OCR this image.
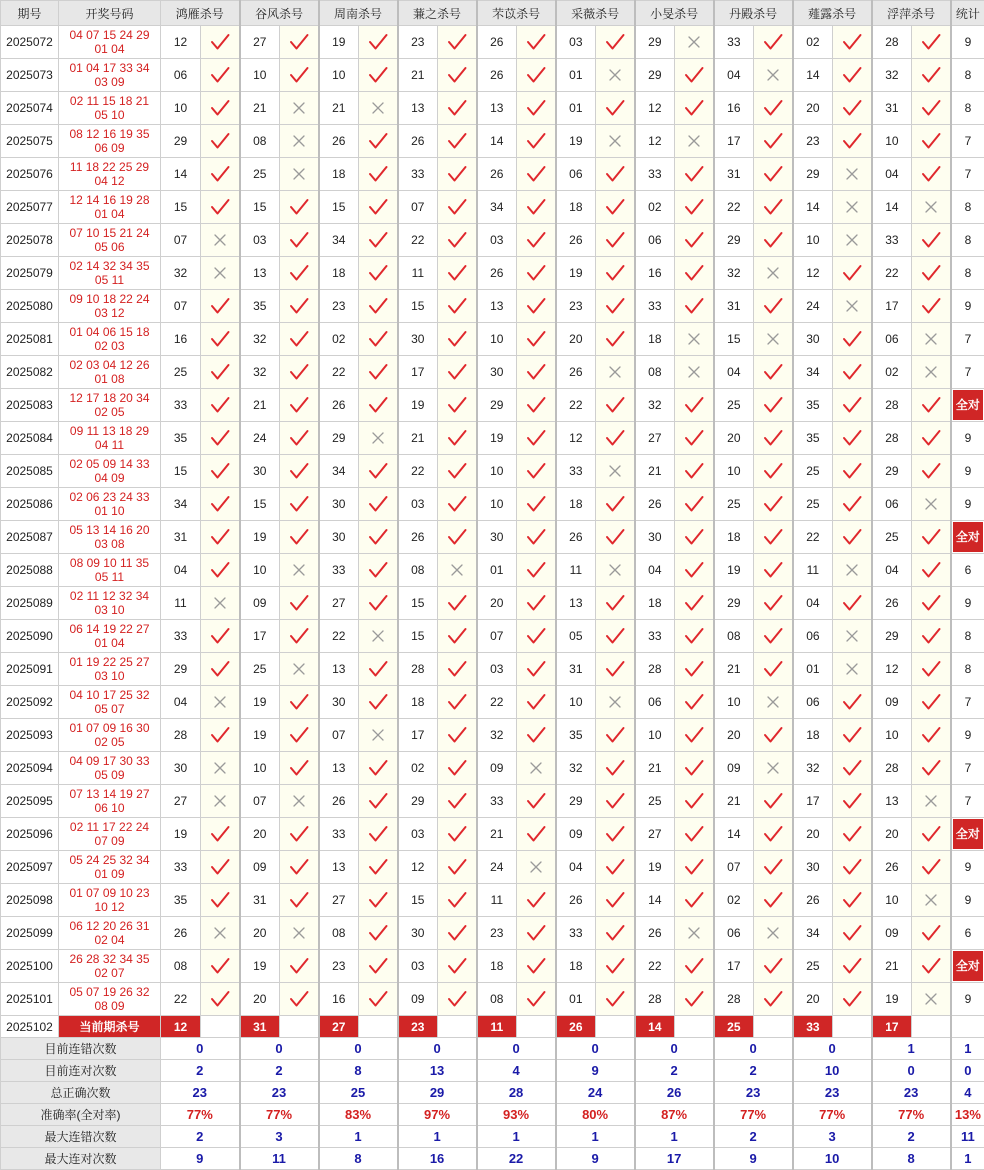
期号	开奖号码	鸿雁杀号		谷风杀号		周南杀号		蒹之杀号		芣苡杀号		采薇杀号		小旻杀号		丹殿杀号		薤露杀号		浮萍杀号		统计
2025072	04 07 15 24 29
01 04	12		27		19		23		26		03		29		33		02		28		9
2025073	01 04 17 33 34
03 09	06		10		10		21		26		01		29		04		14		32		8
2025074	02 11 15 18 21
05 10	10		21		21		13		13		01		12		16		20		31		8
2025075	08 12 16 19 35
06 09	29		08		26		26		14		19		12		17		23		10		7
2025076	11 18 22 25 29
04 12	14		25		18		33		26		06		33		31		29		04		7
2025077	12 14 16 19 28
01 04	15		15		15		07		34		18		02		22		14		14		8
2025078	07 10 15 21 24
05 06	07		03		34		22		03		26		06		29		10		33		8
2025079	02 14 32 34 35
05 11	32		13		18		11		26		19		16		32		12		22		8
2025080	09 10 18 22 24
03 12	07		35		23		15		13		23		33		31		24		17		9
2025081	01 04 06 15 18
02 03	16		32		02		30		10		20		18		15		30		06		7
2025082	02 03 04 12 26
01 08	25		32		22		17		30		26		08		04		34		02		7
2025083	12 17 18 20 34
02 05	33		21		26		19		29		22		32		25		35		28		全对
2025084	09 11 13 18 29
04 11	35		24		29		21		19		12		27		20		35		28		9
2025085	02 05 09 14 33
04 09	15		30		34		22		10		33		21		10		25		29		9
2025086	02 06 23 24 33
01 10	34		15		30		03		10		18		26		25		25		06		9
2025087	05 13 14 16 20
03 08	31		19		30		26		30		26		30		18		22		25		全对
2025088	08 09 10 11 35
05 11	04		10		33		08		01		11		04		19		11		04		6
2025089	02 11 12 32 34
03 10	11		09		27		15		20		13		18		29		04		26		9
2025090	06 14 19 22 27
01 04	33		17		22		15		07		05		33		08		06		29		8
2025091	01 19 22 25 27
03 10	29		25		13		28		03		31		28		21		01		12		8
2025092	04 10 17 25 32
05 07	04		19		30		18		22		10		06		10		06		09		7
2025093	01 07 09 16 30
02 05	28		19		07		17		32		35		10		20		18		10		9
2025094	04 09 17 30 33
05 09	30		10		13		02		09		32		21		09		32		28		7
2025095	07 13 14 19 27
06 10	27		07		26		29		33		29		25		21		17		13		7
2025096	02 11 17 22 24
07 09	19		20		33		03		21		09		27		14		20		20		全对
2025097	05 24 25 32 34
01 09	33		09		13		12		24		04		19		07		30		26		9
2025098	01 07 09 10 23
10 12	35		31		27		15		11		26		14		02		26		10		9
2025099	06 12 20 26 31
02 04	26		20		08		30		23		33		26		06		34		09		6
2025100	26 28 32 34 35
02 07	08		19		23		03		18		18		22		17		25		21		全对
2025101	05 07 19 26 32
08 09	22		20		16		09		08		01		28		28		20		19		9
2025102	当前期杀号	12		31		27		23		11		26		14		25		33		17		
目前连错次数		0		0		0		0		0		0		0		0		0		1		1
目前连对次数		2		2		8		13		4		9		2		2		10		0		0
总正确次数		23		23		25		29		28		24		26		23		23		23		4
准确率(全对率)		77%		77%		83%		97%		93%		80%		87%		77%		77%		77%		13%
最大连错次数		2		3		1		1		1		1		1		2		3		2		11
最大连对次数		9		11		8		16		22		9		17		9		10		8		1
